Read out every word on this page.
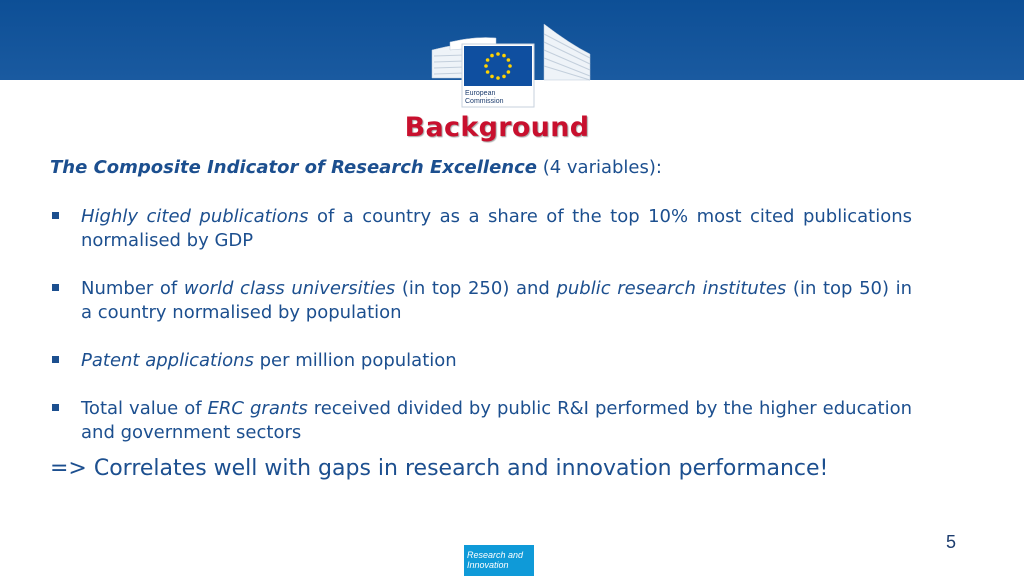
European
Commission
Background
The Composite Indicator of Research Excellence (4 variables):
Highly cited publications of a country as a share of the top 10% most cited publications normalised by GDP
Number of world class universities (in top 250) and public research institutes (in top 50) in a country normalised by population
Patent applications per million population
Total value of ERC grants received divided by public R&I performed by the higher education and government sectors
=> Correlates well with gaps in research and innovation performance!
5
Research and
Innovation
